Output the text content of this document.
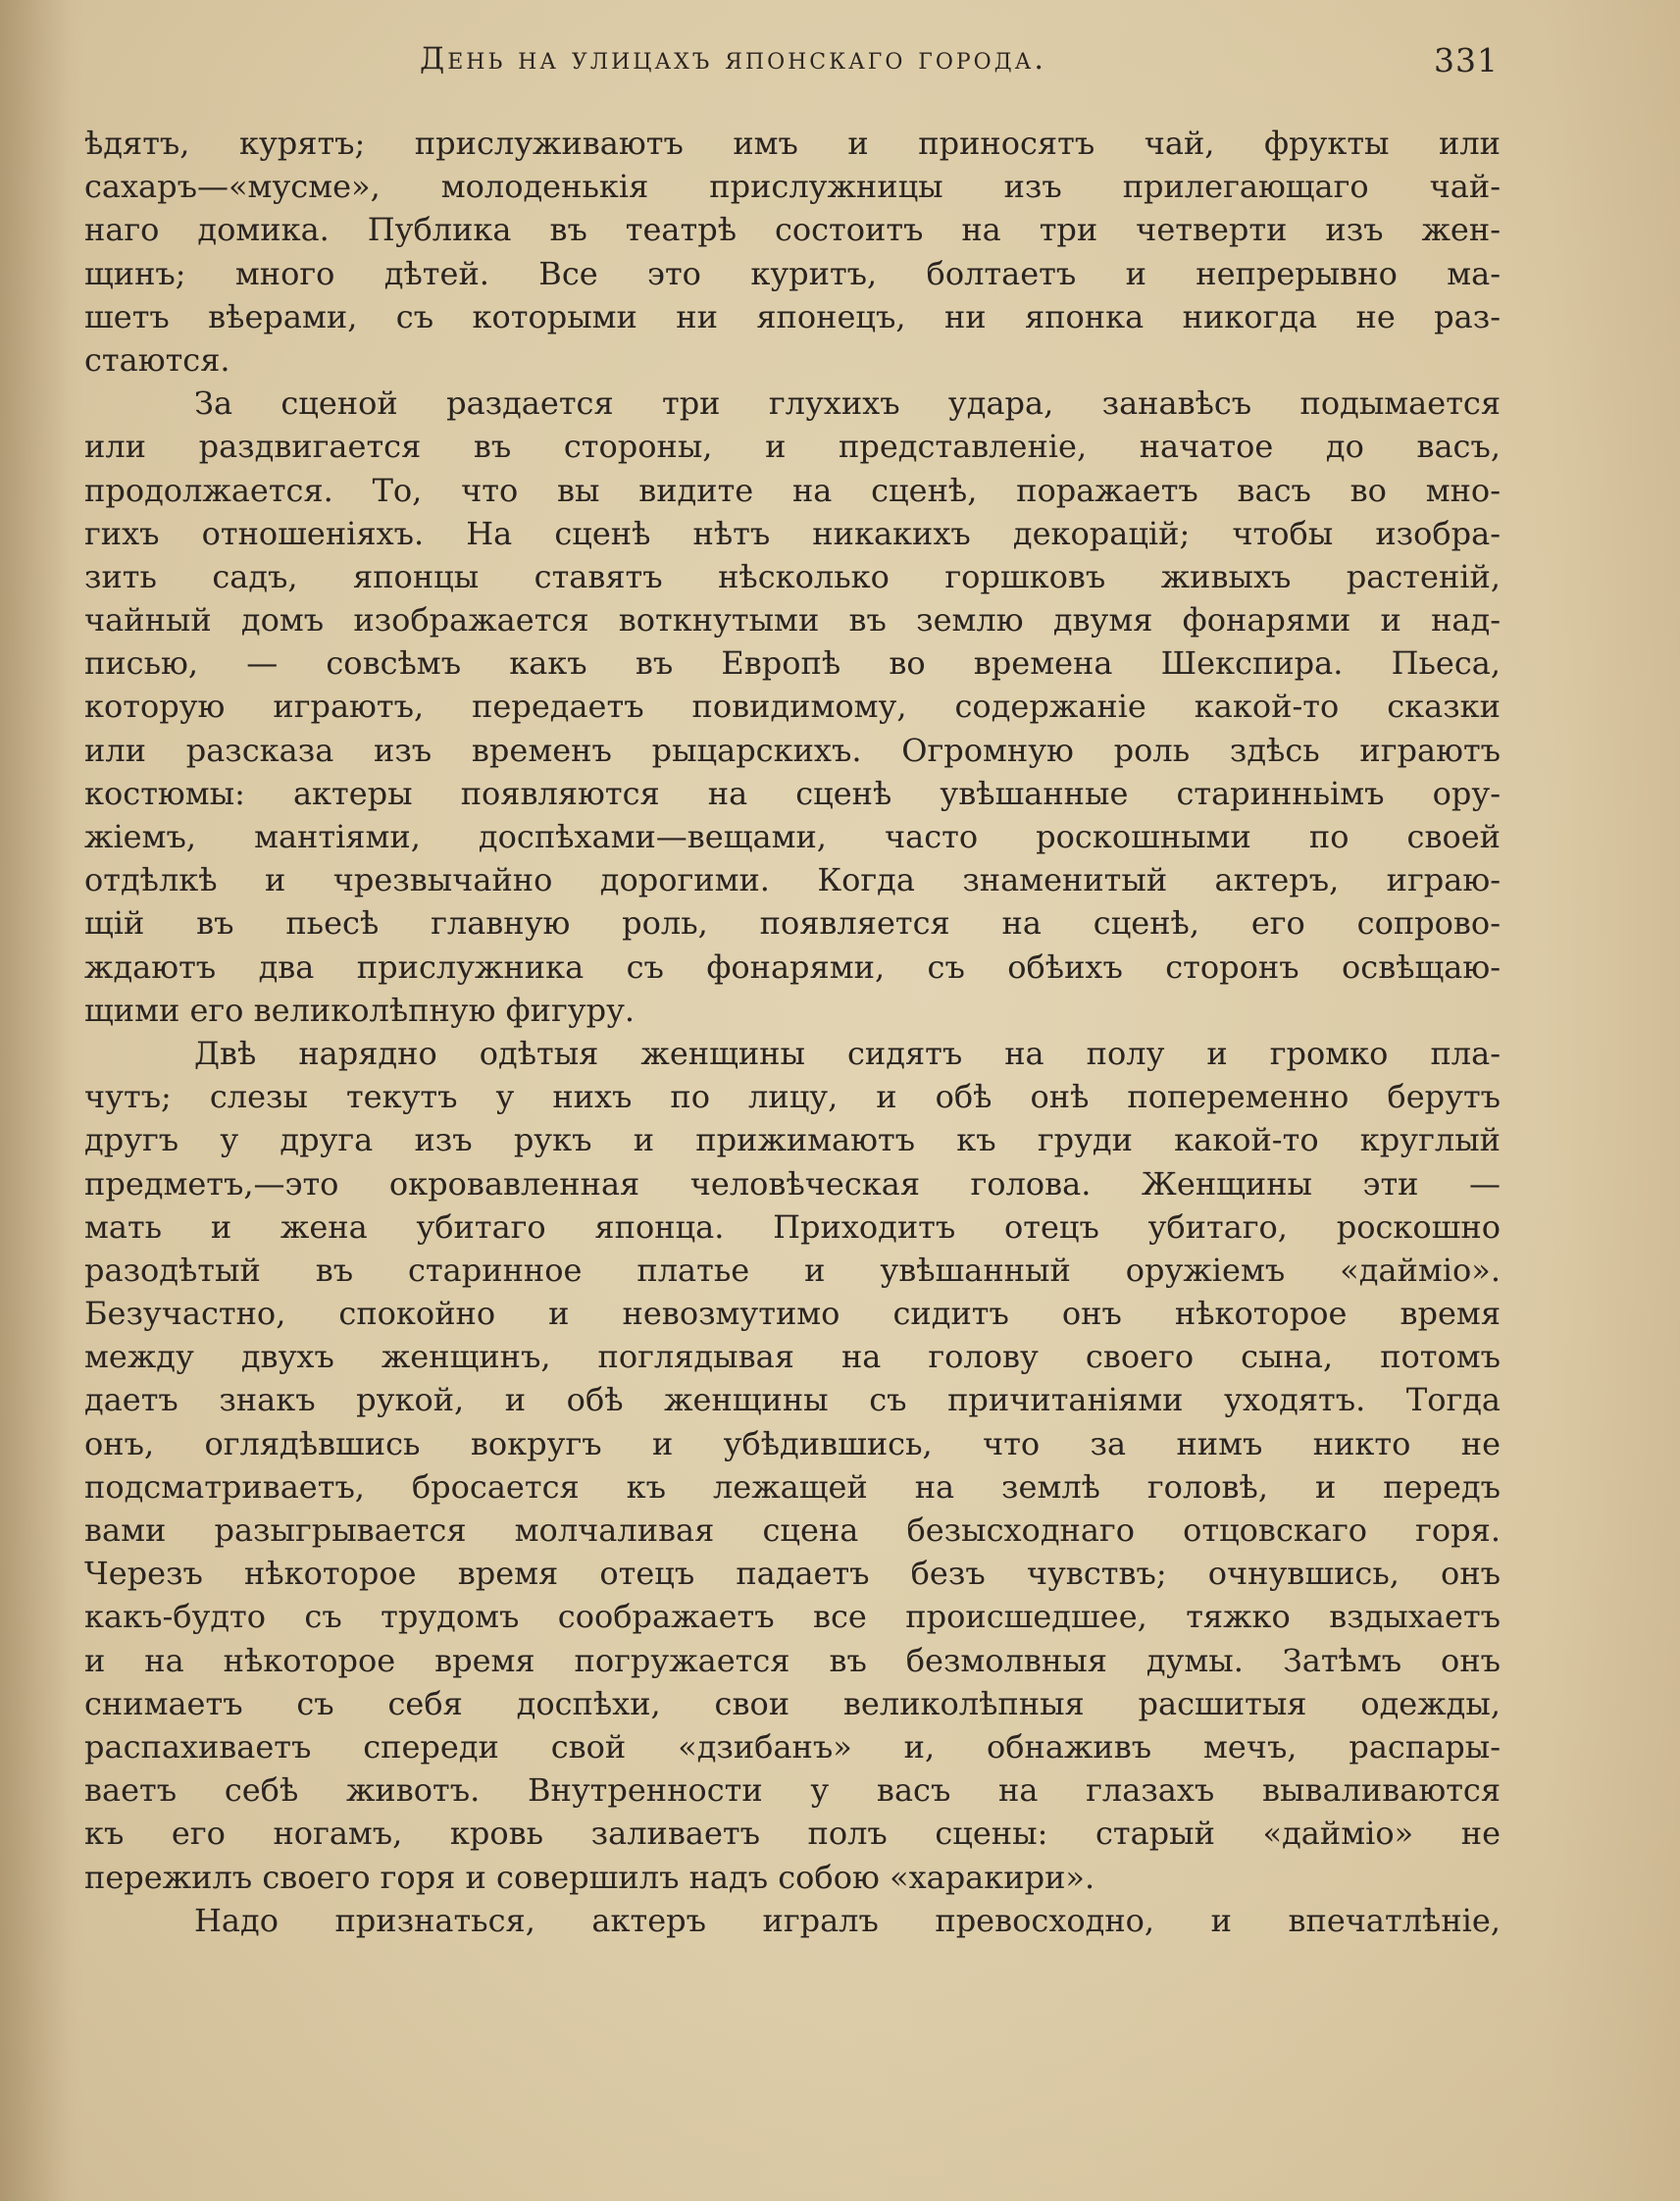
День на улицахъ японскаго города.	331
ѣдятъ, курятъ; прислуживаютъ имъ и приносятъ чай, фрукты или
сахаръ—«мусме», молоденькія прислужницы изъ прилегающаго чай-
наго домика. Публика въ театрѣ состоитъ на три четверти изъ жен-
щинъ; много дѣтей. Все это куритъ, болтаетъ и непрерывно ма-
шетъ вѣерами, съ которыми ни японецъ, ни японка никогда не раз-
стаются.
За сценой раздается три глухихъ удара, занавѣсъ подымается
или раздвигается въ стороны, и представленіе, начатое до васъ,
продолжается. То, что вы видите на сценѣ, поражаетъ васъ во мно-
гихъ отношеніяхъ. На сценѣ нѣтъ никакихъ декорацій; чтобы изобра-
зить садъ, японцы ставятъ нѣсколько горшковъ живыхъ растеній,
чайный домъ изображается воткнутыми въ землю двумя фонарями и над-
писью, — совсѣмъ какъ въ Европѣ во времена Шекспира. Пьеса,
которую играютъ, передаетъ повидимому, содержаніе какой-то сказки
или разсказа изъ временъ рыцарскихъ. Огромную роль здѣсь играютъ
костюмы: актеры появляются на сценѣ увѣшанные старинньімъ ору-
жіемъ, мантіями, доспѣхами—вещами, часто роскошными по своей
отдѣлкѣ и чрезвычайно дорогими. Когда знаменитый актеръ, играю-
щій въ пьесѣ главную роль, появляется на сценѣ, его сопрово-
ждаютъ два прислужника съ фонарями, съ обѣихъ сторонъ освѣщаю-
щими его великолѣпную фигуру.
Двѣ нарядно одѣтыя женщины сидятъ на полу и громко пла-
чутъ; слезы текутъ у нихъ по лицу, и обѣ онѣ попеременно берутъ
другъ у друга изъ рукъ и прижимаютъ къ груди какой-то круглый
предметъ,—это окровавленная человѣческая голова. Женщины эти —
мать и жена убитаго японца. Приходитъ отецъ убитаго, роскошно
разодѣтый въ старинное платье и увѣшанный оружіемъ «даймiо».
Безучастно, спокойно и невозмутимо сидитъ онъ нѣкоторое время
между двухъ женщинъ, поглядывая на голову своего сына, потомъ
даетъ знакъ рукой, и обѣ женщины съ причитаніями уходятъ. Тогда
онъ, оглядѣвшись вокругъ и убѣдившись, что за нимъ никто не
подсматриваетъ, бросается къ лежащей на землѣ головѣ, и передъ
вами разыгрывается молчаливая сцена безысходнаго отцовскаго горя.
Черезъ нѣкоторое время отецъ падаетъ безъ чувствъ; очнувшись, онъ
какъ-будто съ трудомъ соображаетъ все происшедшее, тяжко вздыхаетъ
и на нѣкоторое время погружается въ безмолвныя думы. Затѣмъ онъ
снимаетъ съ себя доспѣхи, свои великолѣпныя расшитыя одежды,
распахиваетъ спереди свой «дзибанъ» и, обнаживъ мечъ, распары-
ваетъ себѣ животъ. Внутренности у васъ на глазахъ вываливаются
къ его ногамъ, кровь заливаетъ полъ сцены: старый «даймiо» не
пережилъ своего горя и совершилъ надъ собою «харакири».
Надо признаться, актеръ игралъ превосходно, и впечатлѣніе,
